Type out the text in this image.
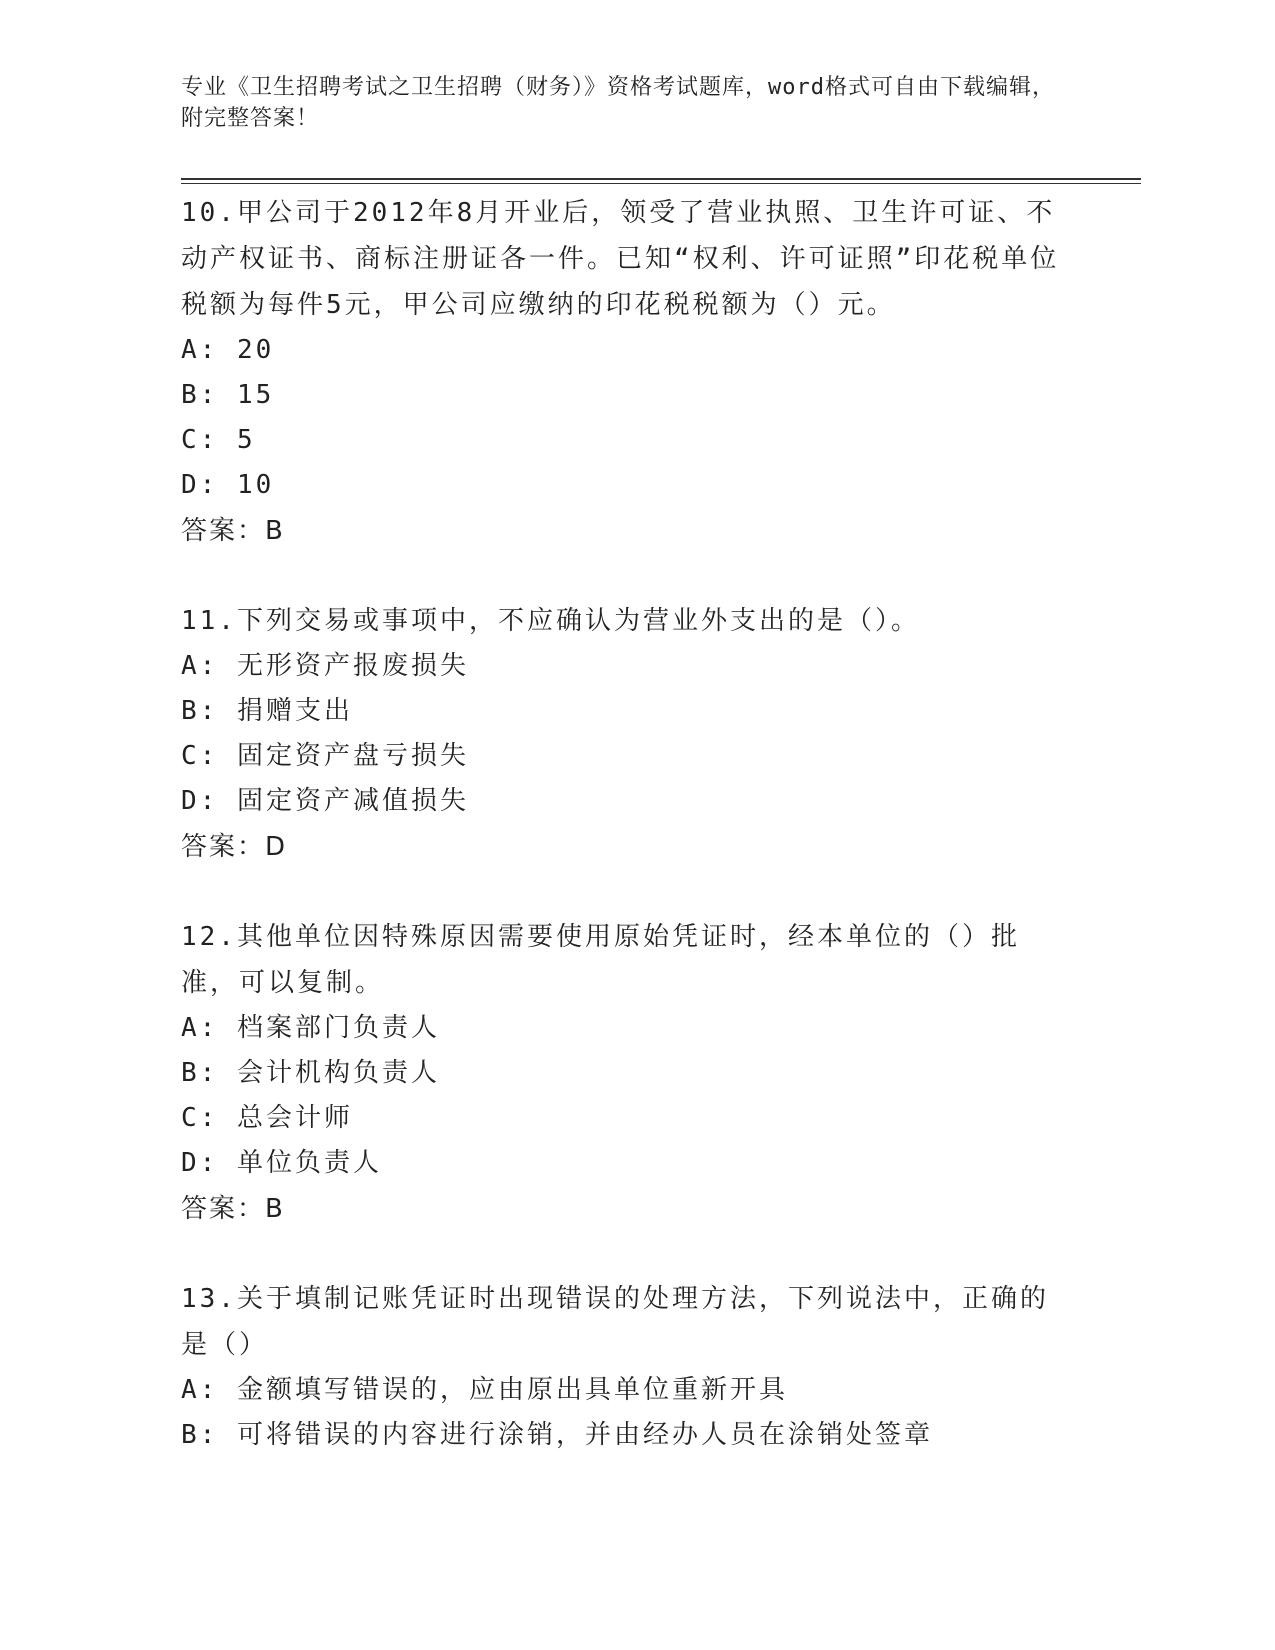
专业《卫生招聘考试之卫生招聘（财务）》资格考试题库，word格式可自由下载编辑，附完整答案！

10.甲公司于2012年8月开业后，领受了营业执照、卫生许可证、不动产权证书、商标注册证各一件。已知“权利、许可证照”印花税单位税额为每件5元，甲公司应缴纳的印花税税额为（）元。

A: 20

B: 15

C: 5

D: 10

答案：B

11.下列交易或事项中，不应确认为营业外支出的是（）。

A: 无形资产报废损失

B: 捐赠支出

C: 固定资产盘亏损失

D: 固定资产减值损失

答案：D

12.其他单位因特殊原因需要使用原始凭证时，经本单位的（）批准，可以复制。

A: 档案部门负责人

B: 会计机构负责人

C: 总会计师

D: 单位负责人

答案：B

13.关于填制记账凭证时出现错误的处理方法，下列说法中，正确的是（）

A: 金额填写错误的，应由原出具单位重新开具

B: 可将错误的内容进行涂销，并由经办人员在涂销处签章
